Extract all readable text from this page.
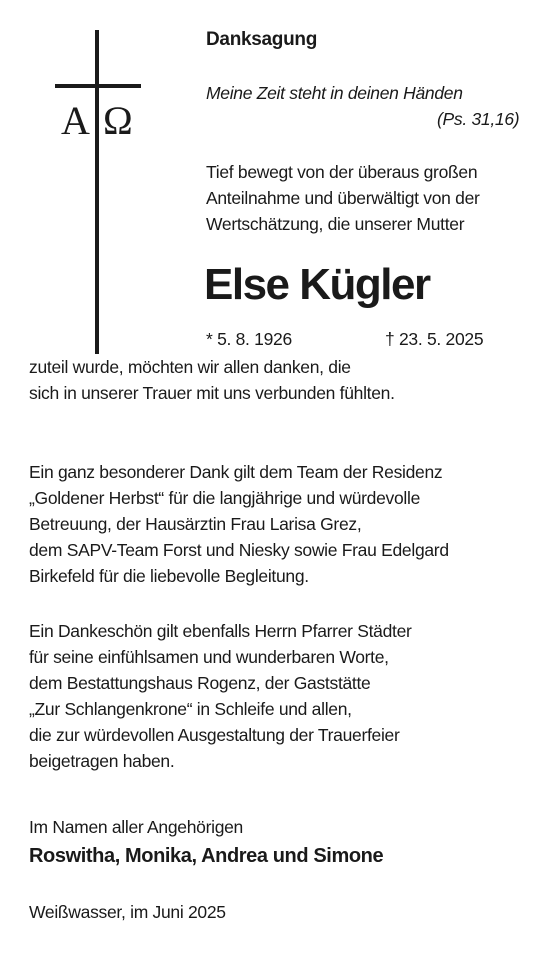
Α Ω
Danksagung
Meine Zeit steht in deinen Händen
(Ps. 31,16)
Tief bewegt von der überaus großen
Anteilnahme und überwältigt von der
Wertschätzung, die unserer Mutter
Else Kügler
* 5. 8. 1926	† 23. 5. 2025
zuteil wurde, möchten wir allen danken, die
sich in unserer Trauer mit uns verbunden fühlten.
Ein ganz besonderer Dank gilt dem Team der Residenz
„Goldener Herbst“ für die langjährige und würdevolle
Betreuung, der Hausärztin Frau Larisa Grez,
dem SAPV-Team Forst und Niesky sowie Frau Edelgard
Birkefeld für die liebevolle Begleitung.
Ein Dankeschön gilt ebenfalls Herrn Pfarrer Städter
für seine einfühlsamen und wunderbaren Worte,
dem Bestattungshaus Rogenz, der Gaststätte
„Zur Schlangenkrone“ in Schleife und allen,
die zur würdevollen Ausgestaltung der Trauerfeier
beigetragen haben.
Im Namen aller Angehörigen
Roswitha, Monika, Andrea und Simone
Weißwasser, im Juni 2025
